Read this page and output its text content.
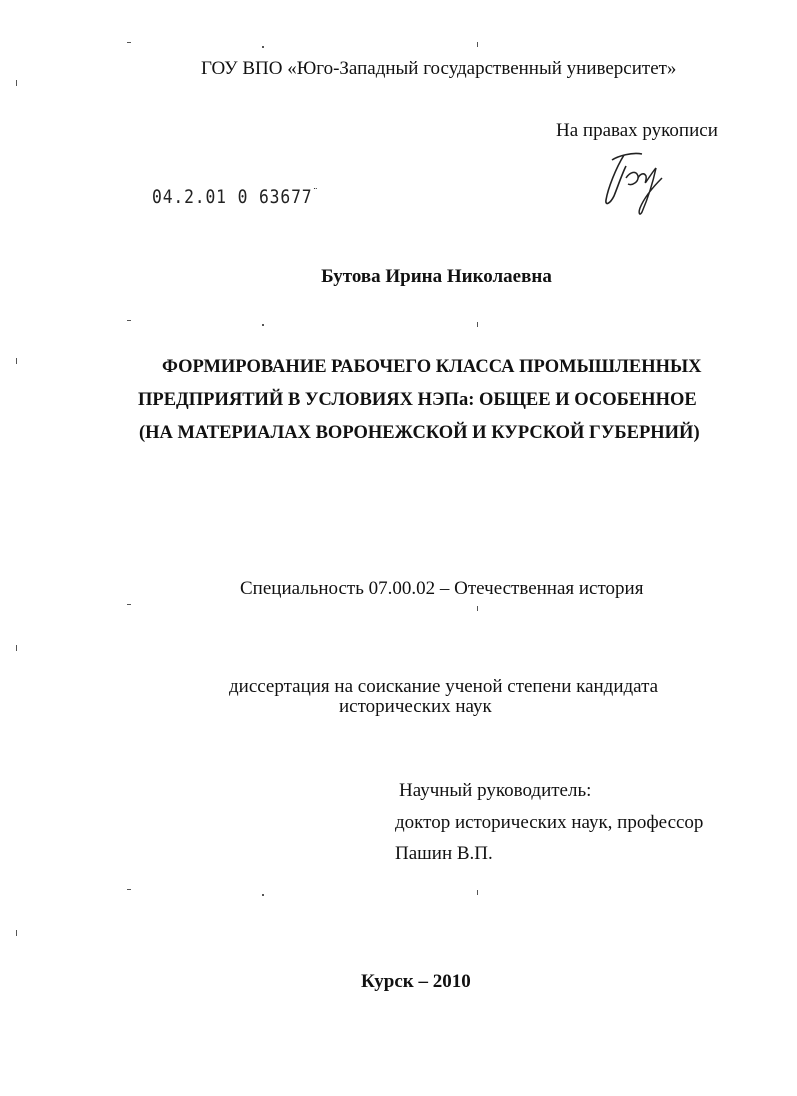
ГОУ ВПО «Юго-Западный государственный университет»
На правах рукописи
04.2.01 0 63677¨
Бутова Ирина Николаевна
ФОРМИРОВАНИЕ РАБОЧЕГО КЛАССА ПРОМЫШЛЕННЫХ
ПРЕДПРИЯТИЙ В УСЛОВИЯХ НЭПа: ОБЩЕЕ И ОСОБЕННОЕ
(НА МАТЕРИАЛАХ ВОРОНЕЖСКОЙ И КУРСКОЙ ГУБЕРНИЙ)
Специальность 07.00.02 – Отечественная история
диссертация на соискание ученой степени кандидата
исторических наук
Научный руководитель:
доктор исторических наук, профессор
Пашин В.П.
Курск – 2010
